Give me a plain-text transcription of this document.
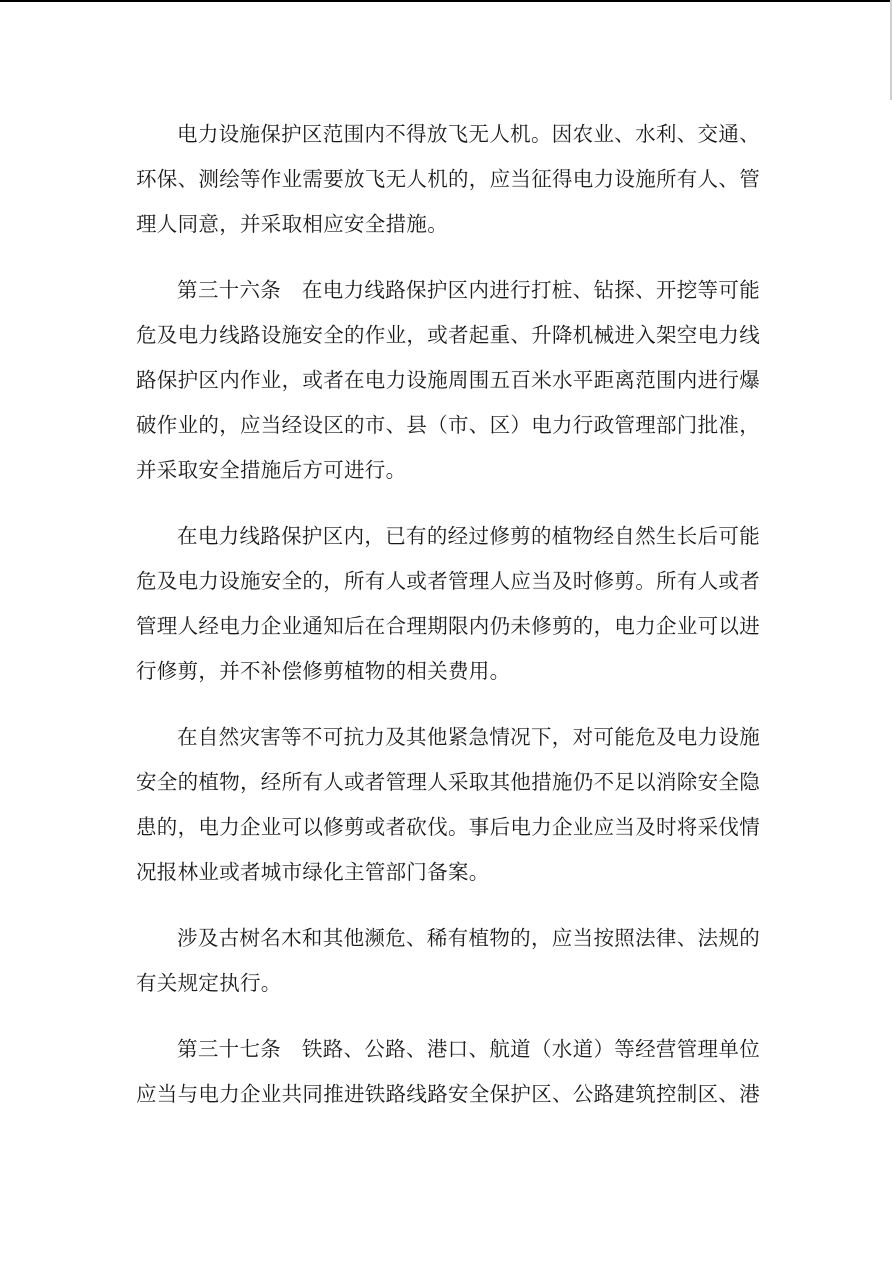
电力设施保护区范围内不得放飞无人机。因农业、水利、交通、环保、测绘等作业需要放飞无人机的，应当征得电力设施所有人、管理人同意，并采取相应安全措施。

第三十六条　在电力线路保护区内进行打桩、钻探、开挖等可能危及电力线路设施安全的作业，或者起重、升降机械进入架空电力线路保护区内作业，或者在电力设施周围五百米水平距离范围内进行爆破作业的，应当经设区的市、县（市、区）电力行政管理部门批准，并采取安全措施后方可进行。

在电力线路保护区内，已有的经过修剪的植物经自然生长后可能危及电力设施安全的，所有人或者管理人应当及时修剪。所有人或者管理人经电力企业通知后在合理期限内仍未修剪的，电力企业可以进行修剪，并不补偿修剪植物的相关费用。

在自然灾害等不可抗力及其他紧急情况下，对可能危及电力设施安全的植物，经所有人或者管理人采取其他措施仍不足以消除安全隐患的，电力企业可以修剪或者砍伐。事后电力企业应当及时将采伐情况报林业或者城市绿化主管部门备案。

涉及古树名木和其他濒危、稀有植物的，应当按照法律、法规的有关规定执行。

第三十七条　铁路、公路、港口、航道（水道）等经营管理单位应当与电力企业共同推进铁路线路安全保护区、公路建筑控制区、港
